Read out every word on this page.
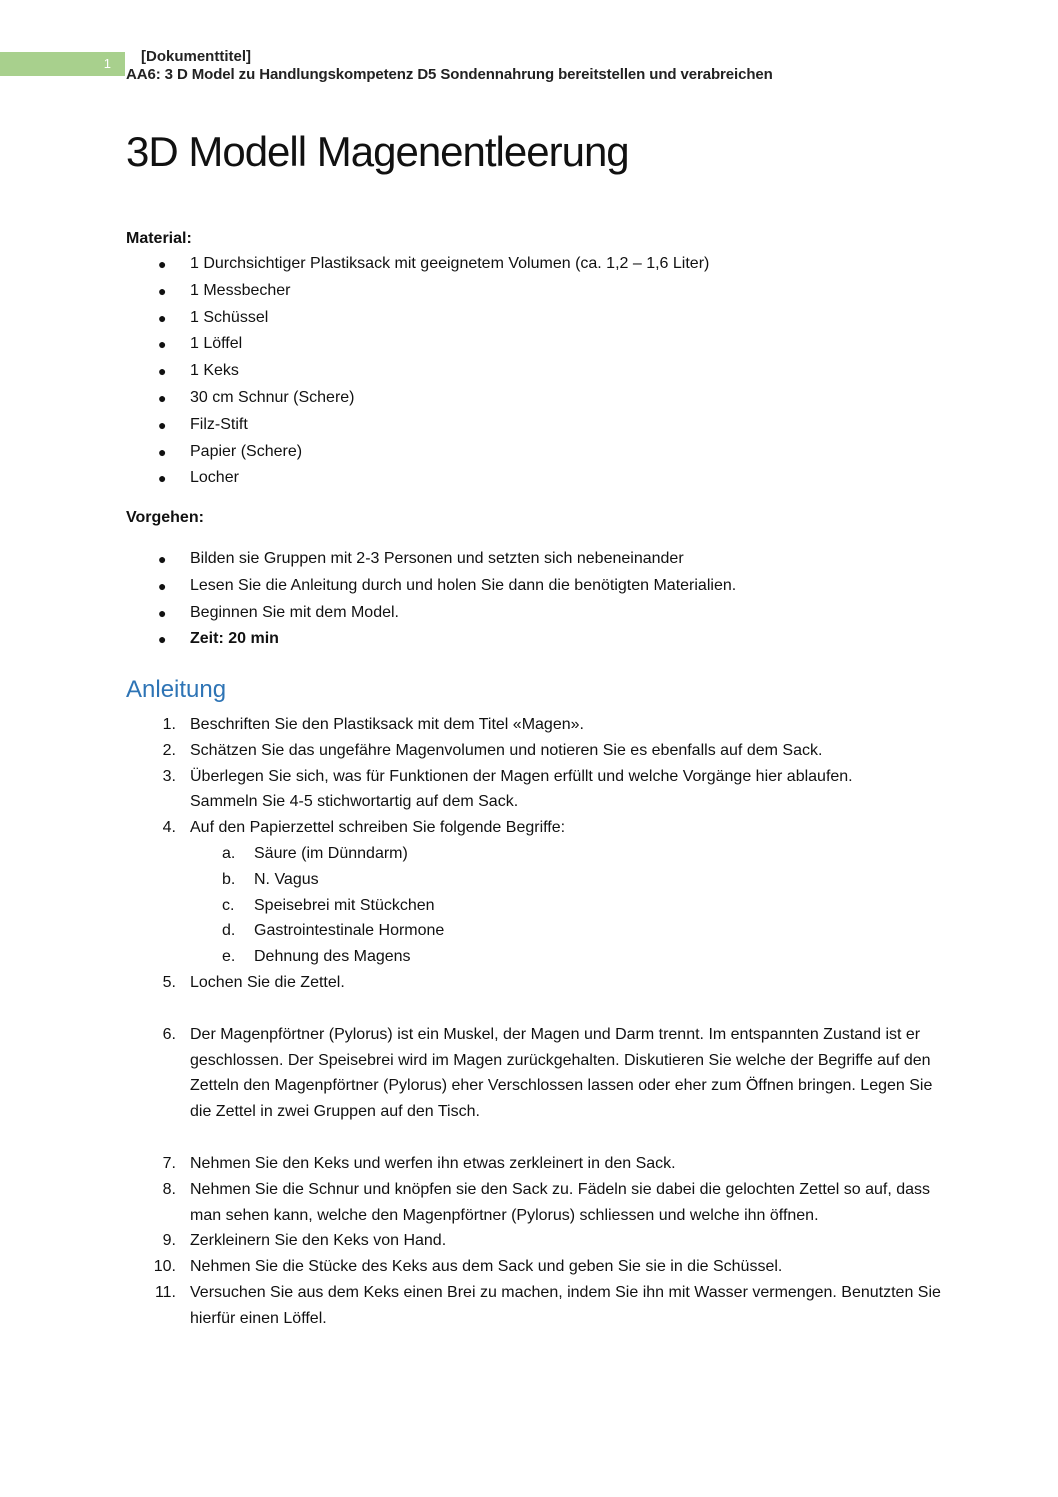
1	[Dokumenttitel]
AA6: 3 D Model zu Handlungskompetenz D5 Sondennahrung bereitstellen und verabreichen
3D Modell Magenentleerung
Material:
● 1 Durchsichtiger Plastiksack mit geeignetem Volumen (ca. 1,2 – 1,6 Liter)
● 1 Messbecher
● 1 Schüssel
● 1 Löffel
● 1 Keks
● 30 cm Schnur (Schere)
● Filz-Stift
● Papier (Schere)
● Locher
Vorgehen:
● Bilden sie Gruppen mit 2-3 Personen und setzten sich nebeneinander
● Lesen Sie die Anleitung durch und holen Sie dann die benötigten Materialien.
● Beginnen Sie mit dem Model.
● Zeit: 20 min
Anleitung
1. Beschriften Sie den Plastiksack mit dem Titel «Magen».
2. Schätzen Sie das ungefähre Magenvolumen und notieren Sie es ebenfalls auf dem Sack.
3. Überlegen Sie sich, was für Funktionen der Magen erfüllt und welche Vorgänge hier ablaufen. Sammeln Sie 4-5 stichwortartig auf dem Sack.
4. Auf den Papierzettel schreiben Sie folgende Begriffe:
a. Säure (im Dünndarm)
b. N. Vagus
c. Speisebrei mit Stückchen
d. Gastrointestinale Hormone
e. Dehnung des Magens
5. Lochen Sie die Zettel.
6. Der Magenpförtner (Pylorus) ist ein Muskel, der Magen und Darm trennt. Im entspannten Zustand ist er geschlossen. Der Speisebrei wird im Magen zurückgehalten. Diskutieren Sie welche der Begriffe auf den Zetteln den Magenpförtner (Pylorus) eher Verschlossen lassen oder eher zum Öffnen bringen. Legen Sie die Zettel in zwei Gruppen auf den Tisch.
7. Nehmen Sie den Keks und werfen ihn etwas zerkleinert in den Sack.
8. Nehmen Sie die Schnur und knöpfen sie den Sack zu. Fädeln sie dabei die gelochten Zettel so auf, dass man sehen kann, welche den Magenpförtner (Pylorus) schliessen und welche ihn öffnen.
9. Zerkleinern Sie den Keks von Hand.
10. Nehmen Sie die Stücke des Keks aus dem Sack und geben Sie sie in die Schüssel.
11. Versuchen Sie aus dem Keks einen Brei zu machen, indem Sie ihn mit Wasser vermengen. Benutzten Sie hierfür einen Löffel.
